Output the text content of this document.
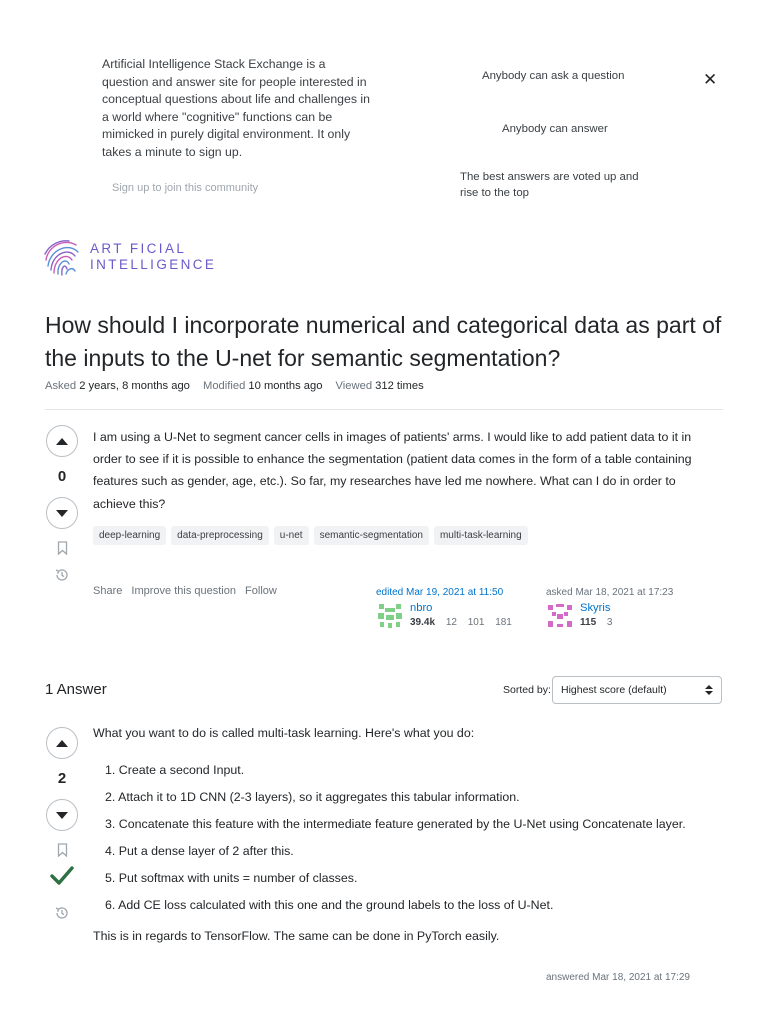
Artificial Intelligence Stack Exchange is a question and answer site for people interested in conceptual questions about life and challenges in a world where "cognitive" functions can be mimicked in purely digital environment. It only takes a minute to sign up.
Sign up to join this community
Anybody can ask a question
Anybody can answer
The best answers are voted up and rise to the top
✕
ART FICIAL
INTELLIGENCE
How should I incorporate numerical and categorical data as part of the inputs to the U-net for semantic segmentation?
Asked 2 years, 8 months ago Modified 10 months ago Viewed 312 times
0
I am using a U-Net to segment cancer cells in images of patients' arms. I would like to add patient data to it in order to see if it is possible to enhance the segmentation (patient data comes in the form of a table containing features such as gender, age, etc.). So far, my researches have led me nowhere. What can I do in order to achieve this?
deep-learning	data-preprocessing	u-net	semantic-segmentation	multi-task-learning
Share Improve this question Follow	edited Mar 19, 2021 at 11:50
nbro
39.4k 12 101 181
asked Mar 18, 2021 at 17:23
Skyris
115 3
1 Answer	Sorted by: Highest score (default)
2
What you want to do is called multi-task learning. Here's what you do:
1. Create a second Input.
2. Attach it to 1D CNN (2-3 layers), so it aggregates this tabular information.
3. Concatenate this feature with the intermediate feature generated by the U-Net using Concatenate layer.
4. Put a dense layer of 2 after this.
5. Put softmax with units = number of classes.
6. Add CE loss calculated with this one and the ground labels to the loss of U-Net.
This is in regards to TensorFlow. The same can be done in PyTorch easily.
answered Mar 18, 2021 at 17:29
